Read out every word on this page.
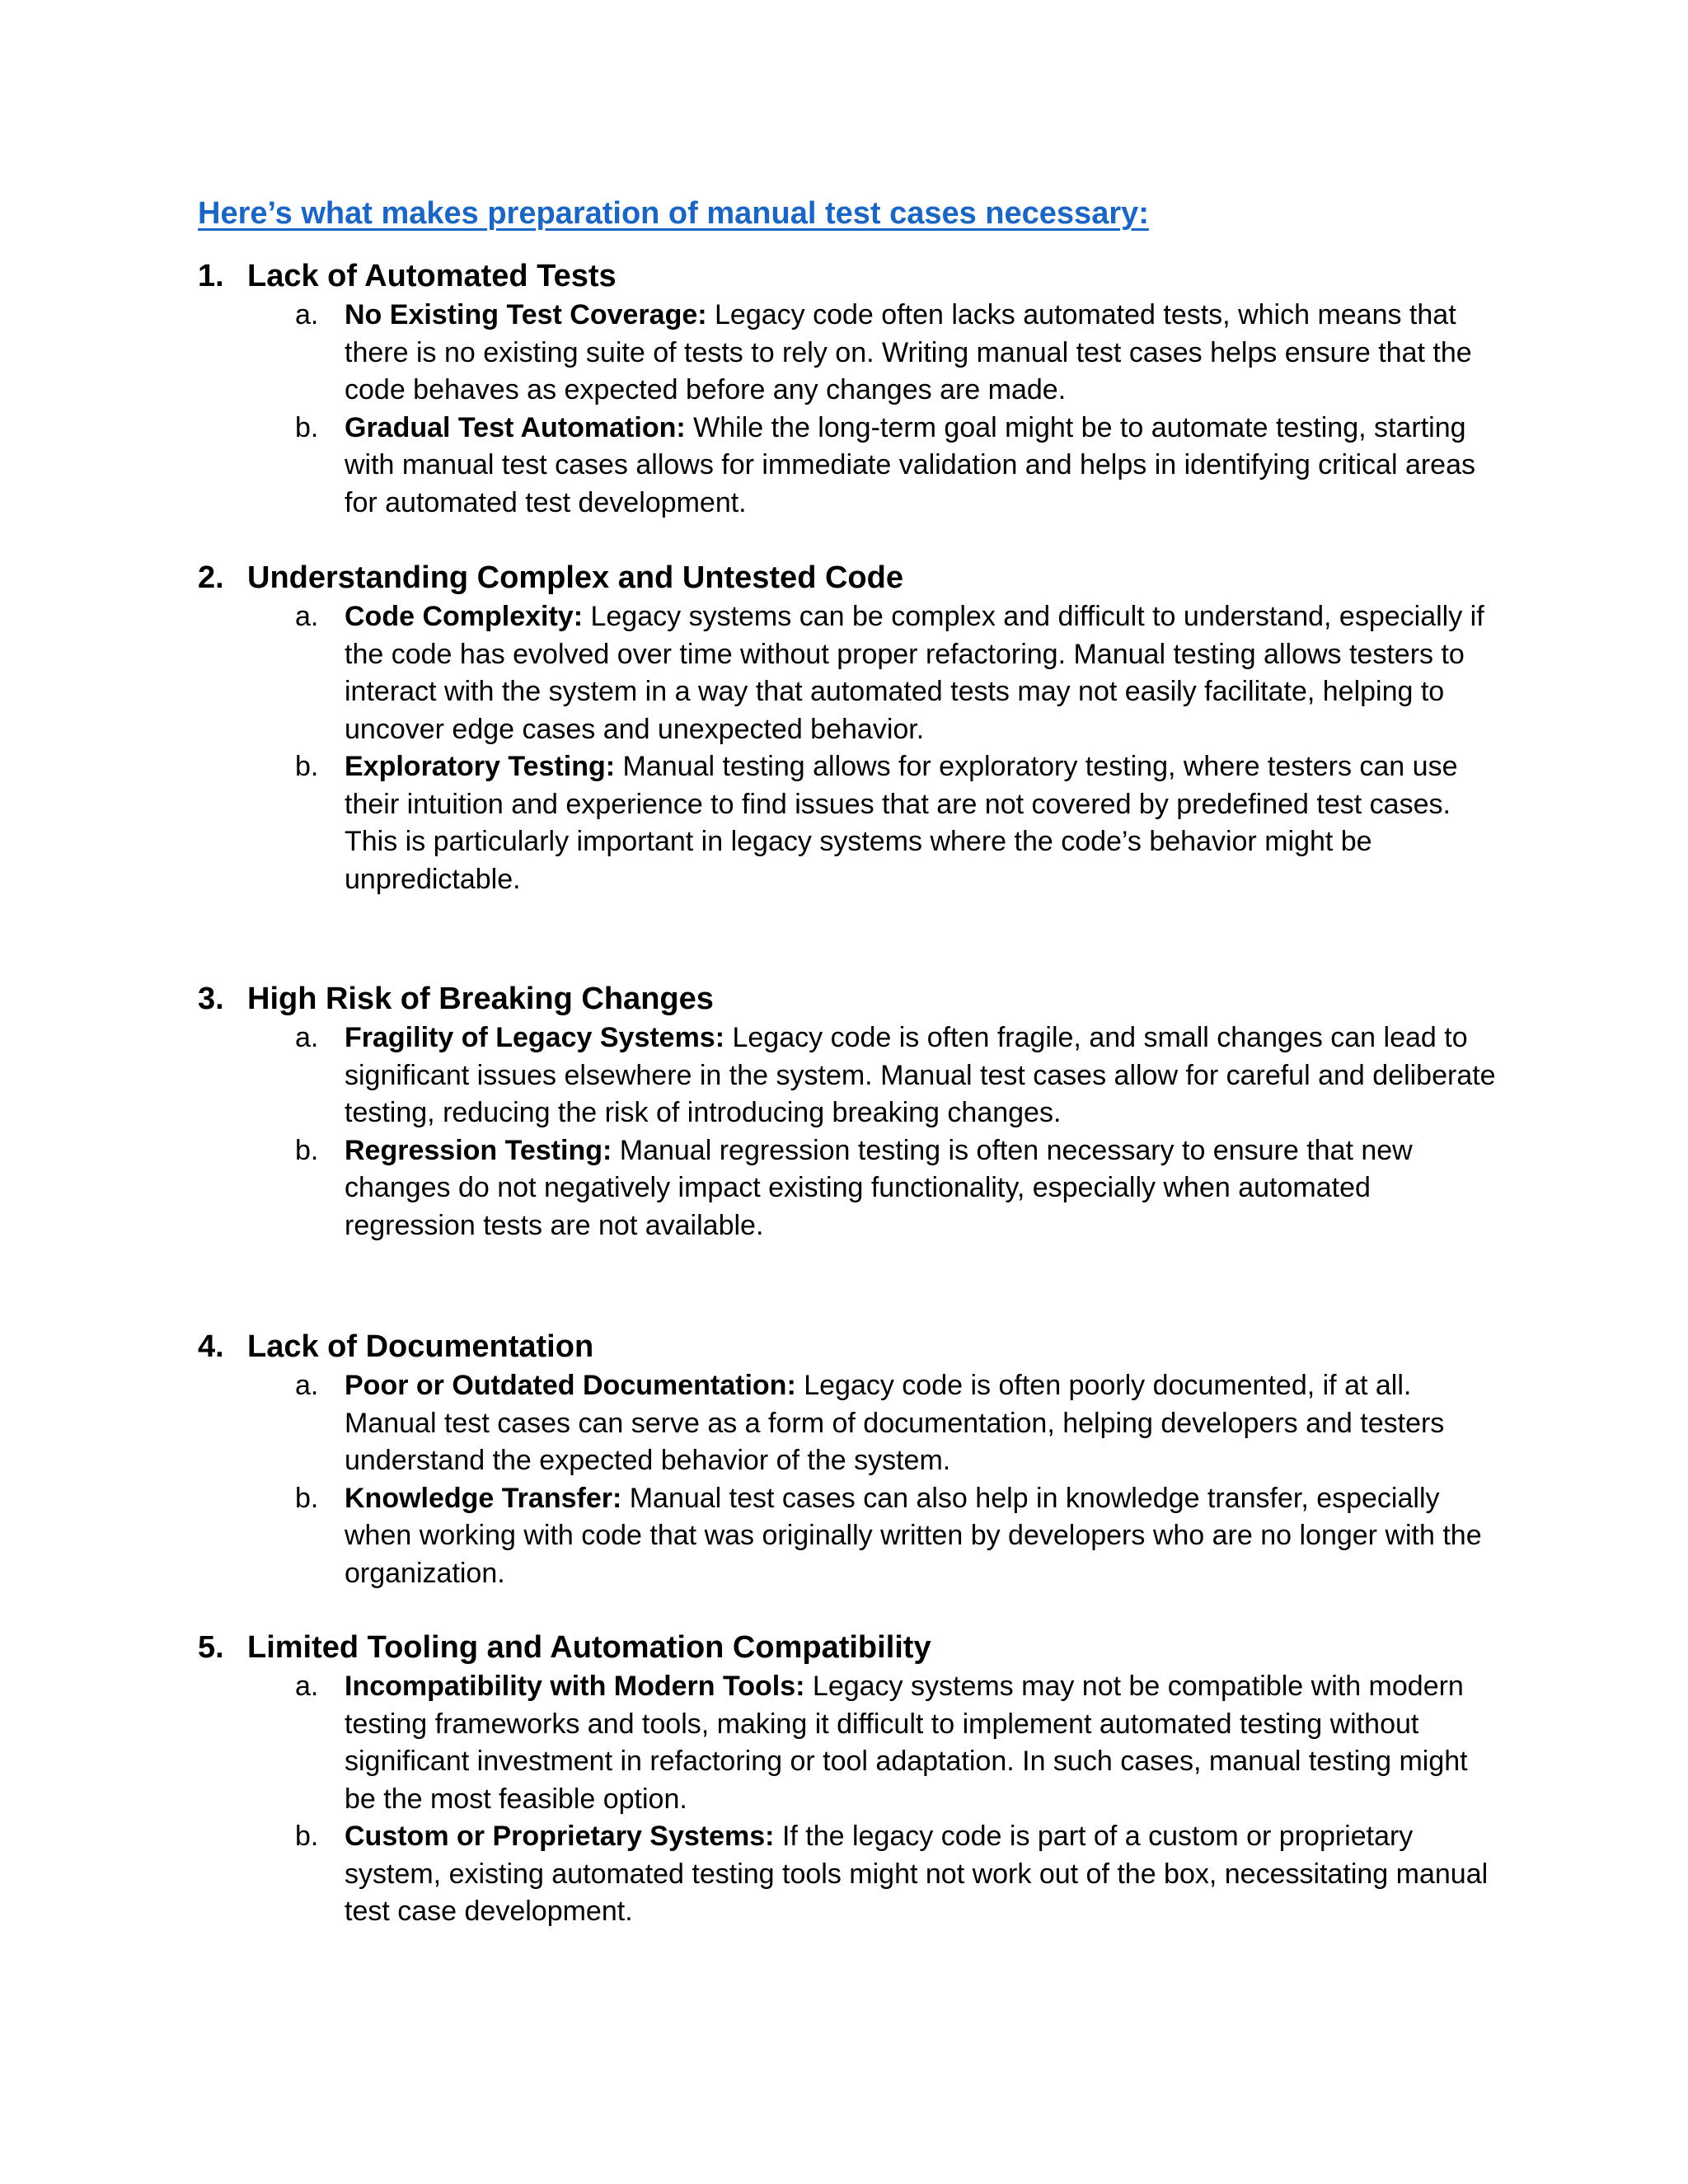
Here’s what makes preparation of manual test cases necessary:
1. Lack of Automated Tests
a. No Existing Test Coverage: Legacy code often lacks automated tests, which means that there is no existing suite of tests to rely on. Writing manual test cases helps ensure that the code behaves as expected before any changes are made.
b. Gradual Test Automation: While the long-term goal might be to automate testing, starting with manual test cases allows for immediate validation and helps in identifying critical areas for automated test development.
2. Understanding Complex and Untested Code
a. Code Complexity: Legacy systems can be complex and difficult to understand, especially if the code has evolved over time without proper refactoring. Manual testing allows testers to interact with the system in a way that automated tests may not easily facilitate, helping to uncover edge cases and unexpected behavior.
b. Exploratory Testing: Manual testing allows for exploratory testing, where testers can use their intuition and experience to find issues that are not covered by predefined test cases. This is particularly important in legacy systems where the code’s behavior might be unpredictable.
3. High Risk of Breaking Changes
a. Fragility of Legacy Systems: Legacy code is often fragile, and small changes can lead to significant issues elsewhere in the system. Manual test cases allow for careful and deliberate testing, reducing the risk of introducing breaking changes.
b. Regression Testing: Manual regression testing is often necessary to ensure that new changes do not negatively impact existing functionality, especially when automated regression tests are not available.
4. Lack of Documentation
a. Poor or Outdated Documentation: Legacy code is often poorly documented, if at all. Manual test cases can serve as a form of documentation, helping developers and testers understand the expected behavior of the system.
b. Knowledge Transfer: Manual test cases can also help in knowledge transfer, especially when working with code that was originally written by developers who are no longer with the organization.
5. Limited Tooling and Automation Compatibility
a. Incompatibility with Modern Tools: Legacy systems may not be compatible with modern testing frameworks and tools, making it difficult to implement automated testing without significant investment in refactoring or tool adaptation. In such cases, manual testing might be the most feasible option.
b. Custom or Proprietary Systems: If the legacy code is part of a custom or proprietary system, existing automated testing tools might not work out of the box, necessitating manual test case development.
